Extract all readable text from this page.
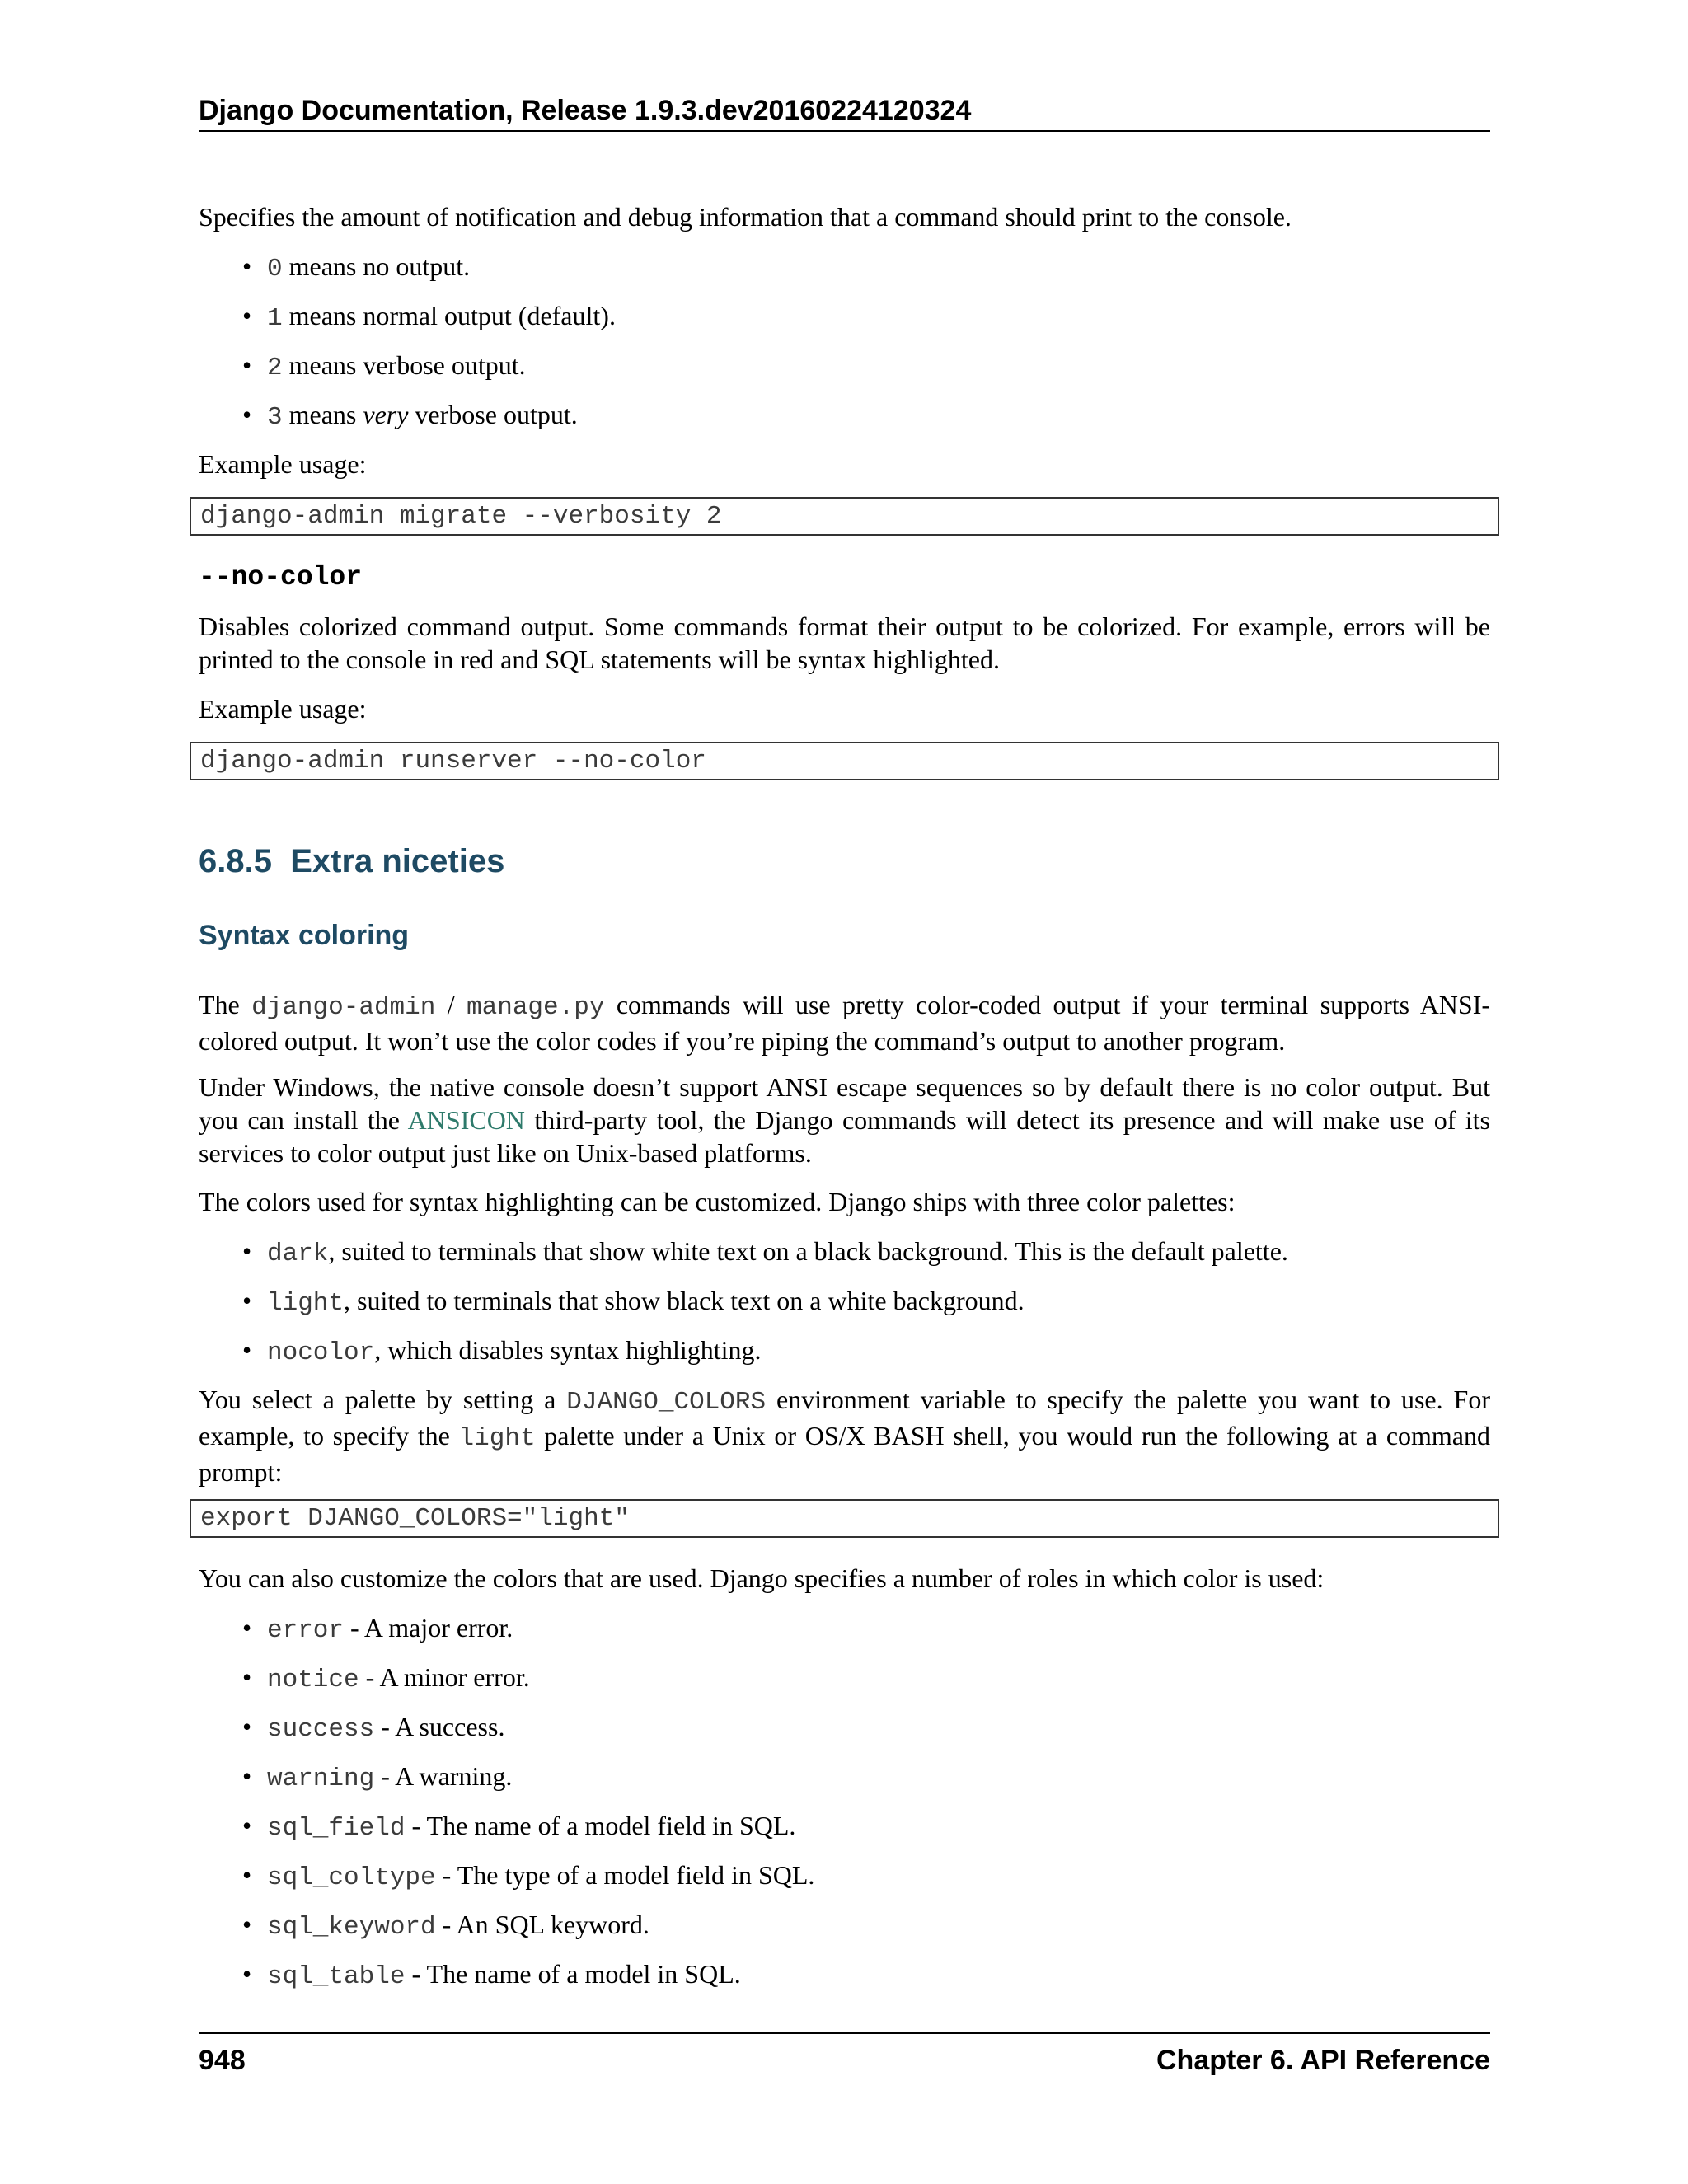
Django Documentation, Release 1.9.3.dev20160224120324

Specifies the amount of notification and debug information that a command should print to the console.

• 0 means no output.
• 1 means normal output (default).
• 2 means verbose output.
• 3 means very verbose output.

Example usage:

django-admin migrate --verbosity 2
--no-color

Disables colorized command output. Some commands format their output to be colorized. For example, errors will be printed to the console in red and SQL statements will be syntax highlighted.

Example usage:

django-admin runserver --no-color
6.8.5 Extra niceties
Syntax coloring

The django-admin / manage.py commands will use pretty color-coded output if your terminal supports ANSI-colored output. It won’t use the color codes if you’re piping the command’s output to another program.

Under Windows, the native console doesn’t support ANSI escape sequences so by default there is no color output. But you can install the ANSICON third-party tool, the Django commands will detect its presence and will make use of its services to color output just like on Unix-based platforms.

The colors used for syntax highlighting can be customized. Django ships with three color palettes:

• dark, suited to terminals that show white text on a black background. This is the default palette.
• light, suited to terminals that show black text on a white background.
• nocolor, which disables syntax highlighting.

You select a palette by setting a DJANGO_COLORS environment variable to specify the palette you want to use. For example, to specify the light palette under a Unix or OS/X BASH shell, you would run the following at a command prompt:

export DJANGO_COLORS="light"

You can also customize the colors that are used. Django specifies a number of roles in which color is used:

• error - A major error.
• notice - A minor error.
• success - A success.
• warning - A warning.
• sql_field - The name of a model field in SQL.
• sql_coltype - The type of a model field in SQL.
• sql_keyword - An SQL keyword.
• sql_table - The name of a model in SQL.
948	Chapter 6. API Reference
